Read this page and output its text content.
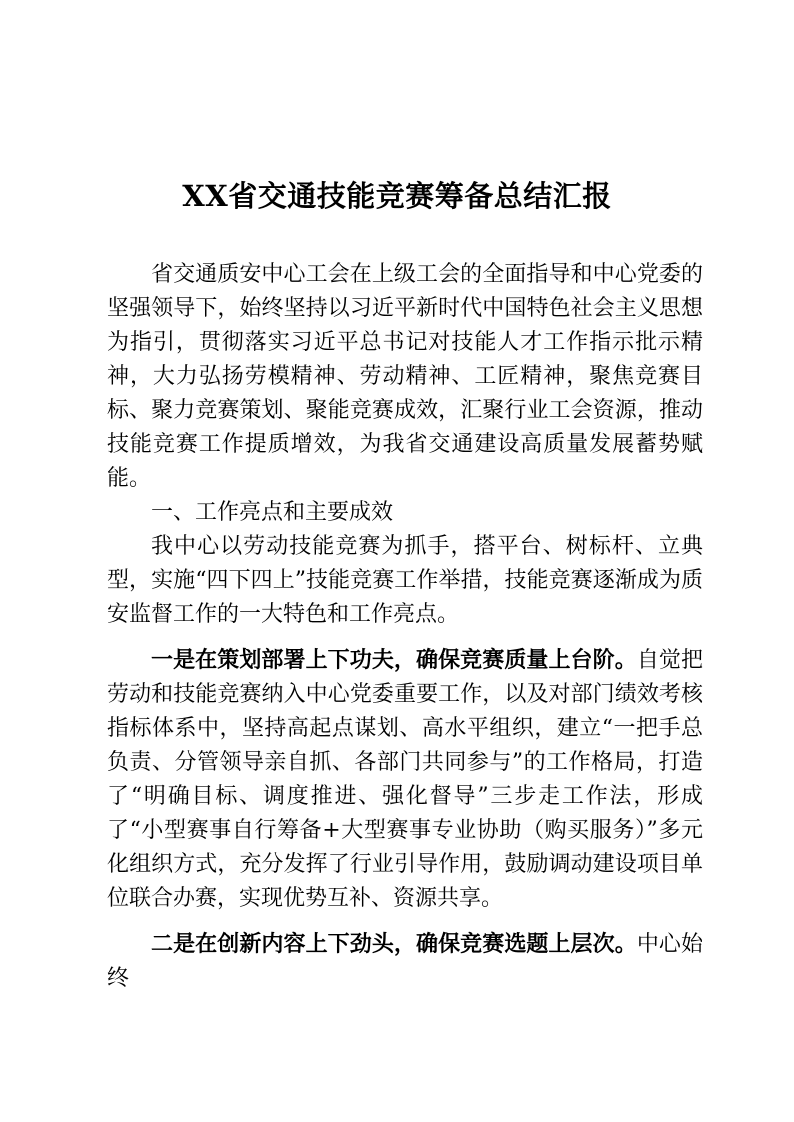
XX省交通技能竞赛筹备总结汇报

省交通质安中心工会在上级工会的全面指导和中心党委的 坚强领导下，始终坚持以习近平新时代中国特色社会主义思想为指引，贯彻落实习近平总书记对技能人才工作指示批示精神，大力弘扬劳模精神、劳动精神、工匠精神，聚焦竞赛目标、聚力竞赛策划、聚能竞赛成效，汇聚行业工会资源，推动技能竞赛工作提质增效，为我省交通建设高质量发展蓄势赋能。

一、工作亮点和主要成效

我中心以劳动技能竞赛为抓手，搭平台、树标杆、立典型，实施“四下四上”技能竞赛工作举措，技能竞赛逐渐成为质安监督工作的一大特色和工作亮点。

一是在策划部署上下功夫，确保竞赛质量上台阶。自觉把劳动和技能竞赛纳入中心党委重要工作，以及对部门绩效考核指标体系中，坚持高起点谋划、高水平组织，建立“一把手总负责、分管领导亲自抓、各部门共同参与”的工作格局，打造了“明确目标、调度推进、强化督导”三步走工作法，形成了“小型赛事自行筹备+大型赛事专业协助（购买服务）”多元化组织方式，充分发挥了行业引导作用，鼓励调动建设项目单位联合办赛，实现优势互补、资源共享。

二是在创新内容上下劲头，确保竞赛选题上层次。中心始终
